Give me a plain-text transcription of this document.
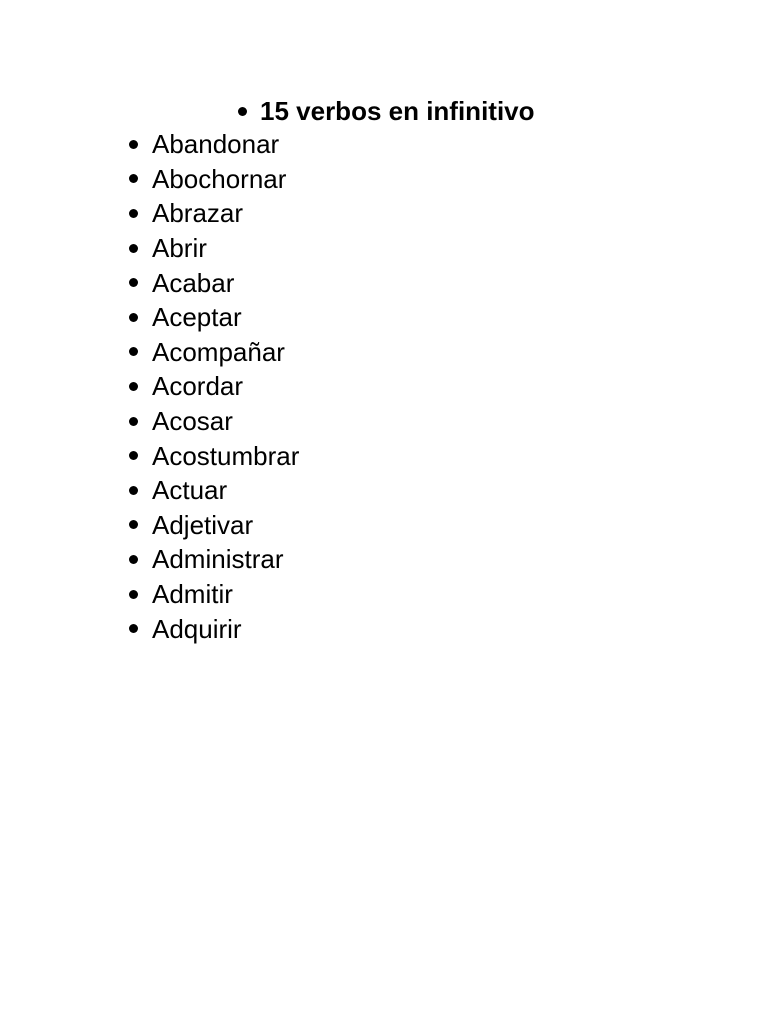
15 verbos en infinitivo
Abandonar
Abochornar
Abrazar
Abrir
Acabar
Aceptar
Acompañar
Acordar
Acosar
Acostumbrar
Actuar
Adjetivar
Administrar
Admitir
Adquirir
